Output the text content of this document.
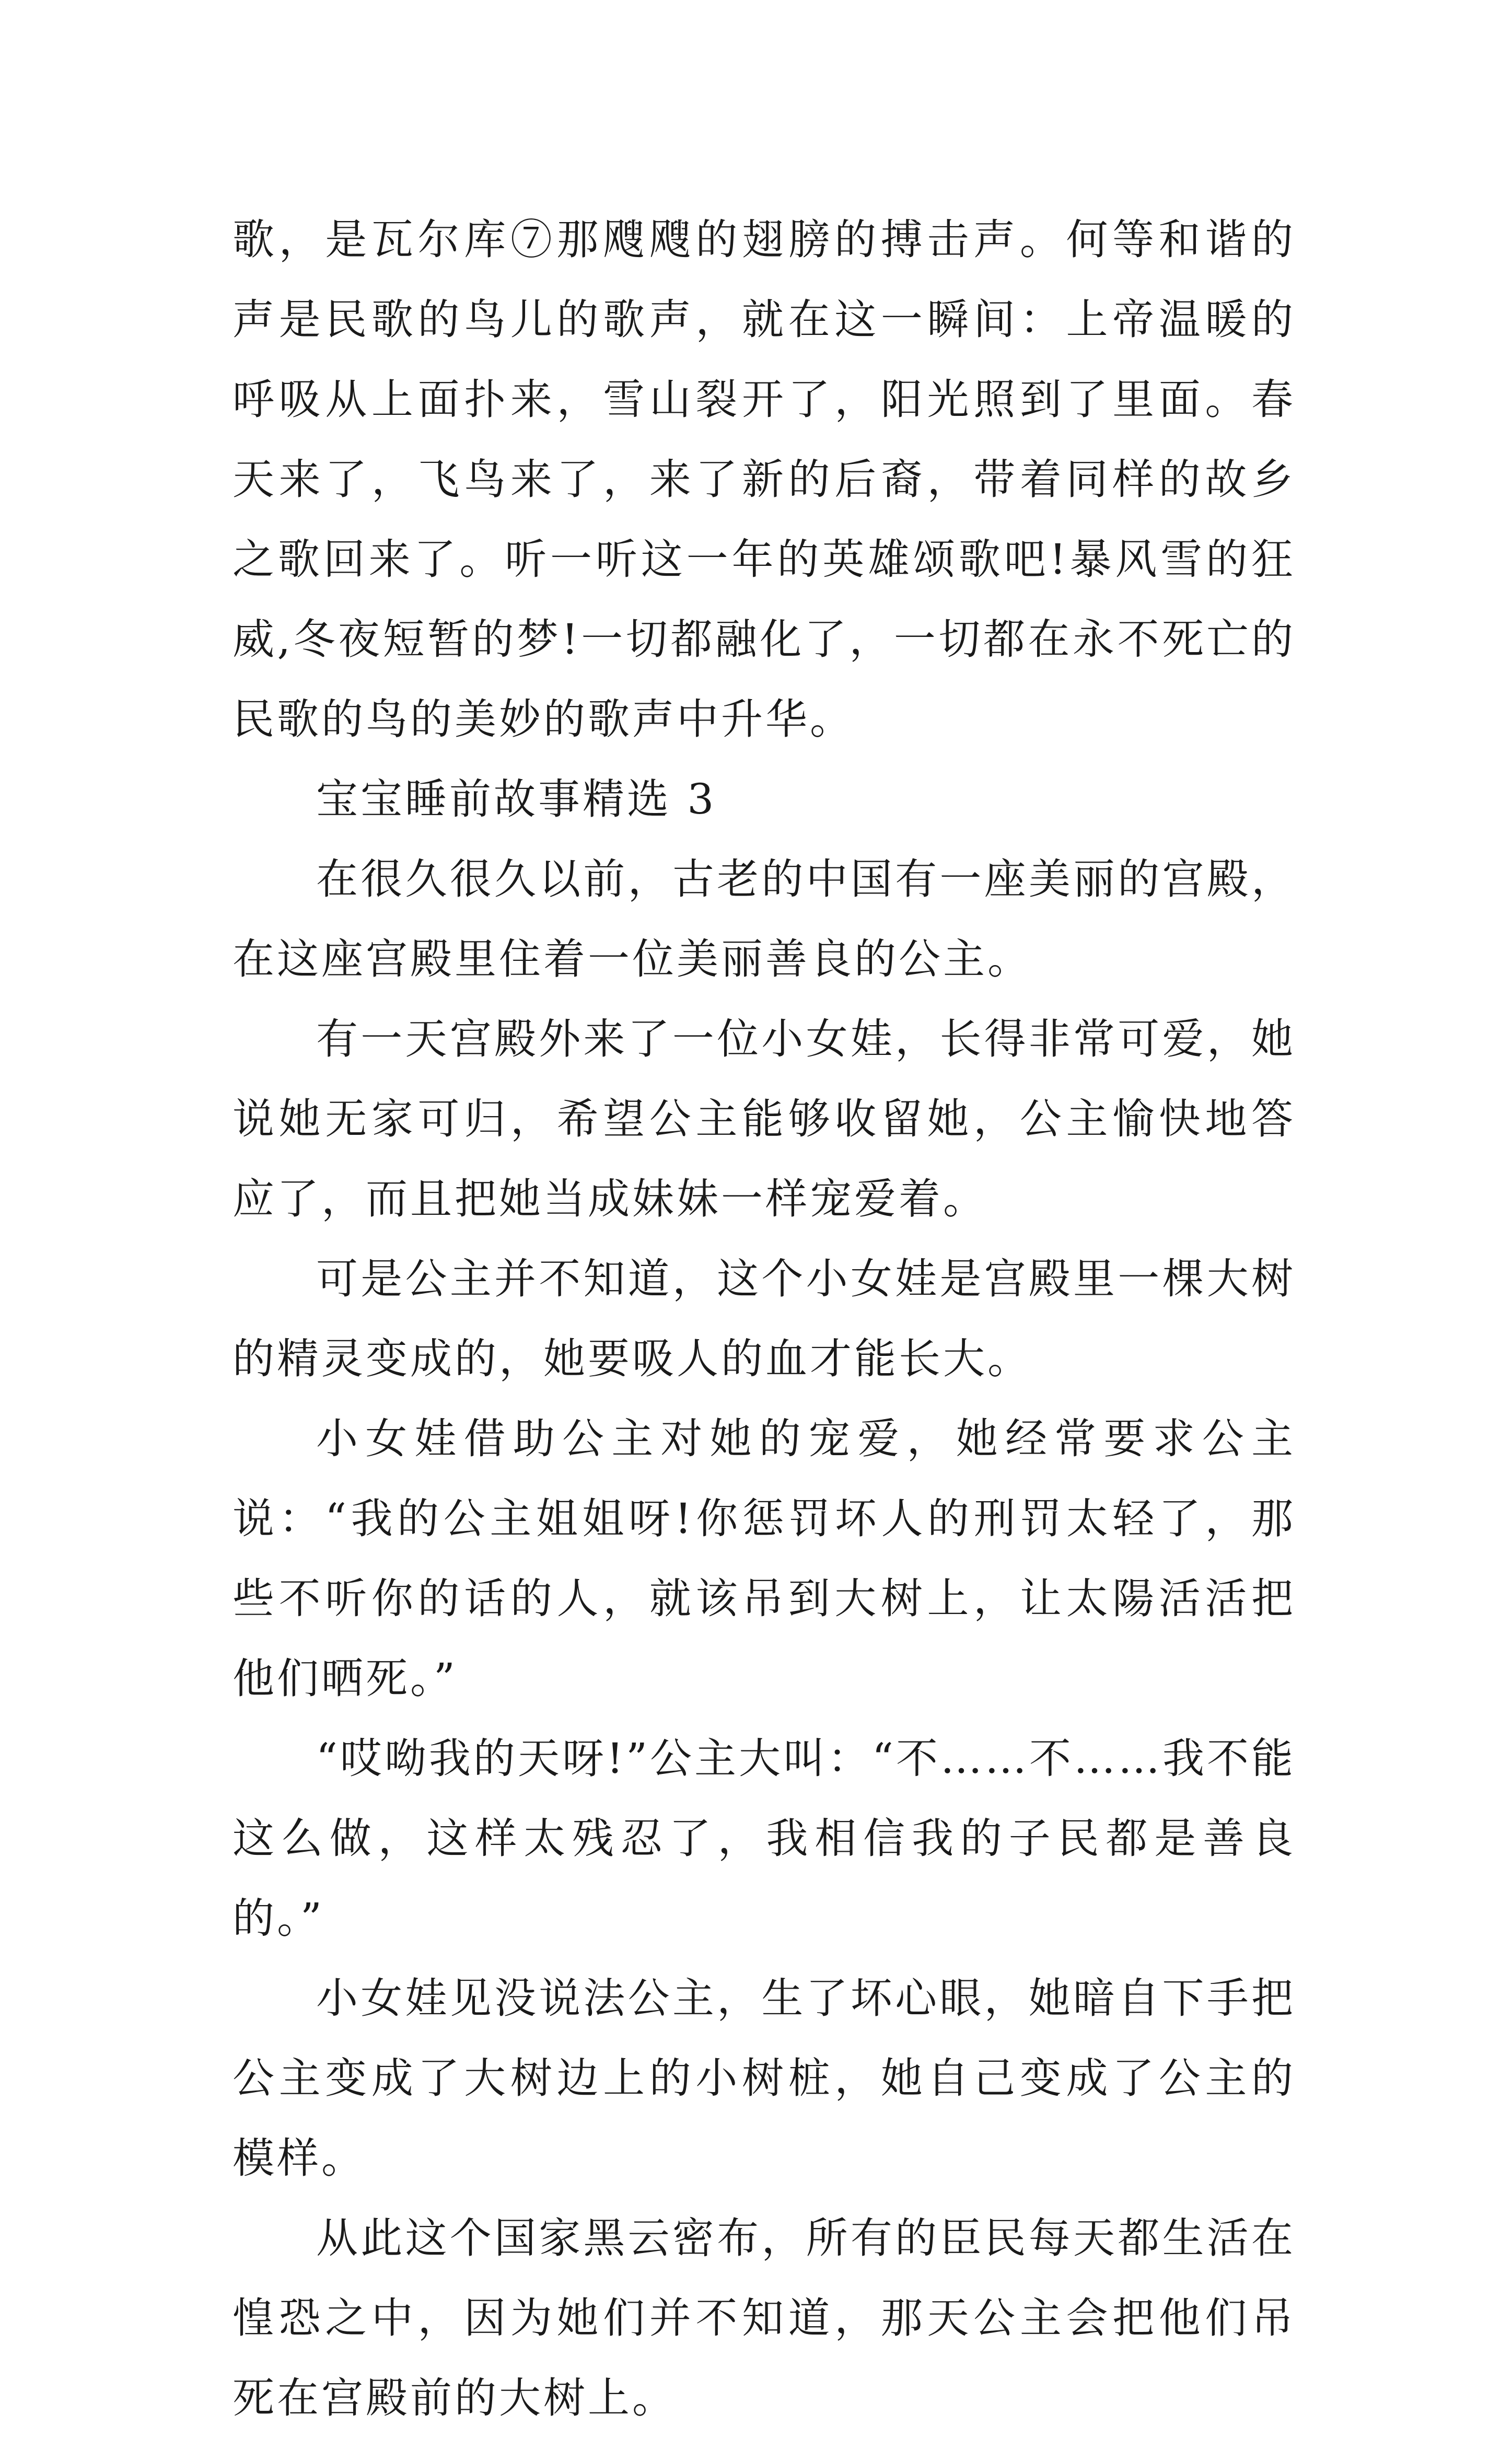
歌，是瓦尔库⑦那飕飕的翅膀的搏击声。何等和谐的声是民歌的鸟儿的歌声，就在这一瞬间：上帝温暖的呼吸从上面扑来，雪山裂开了，阳光照到了里面。春天来了，飞鸟来了，来了新的后裔，带着同样的故乡之歌回来了。听一听这一年的英雄颂歌吧!暴风雪的狂威,冬夜短暂的梦!一切都融化了，一切都在永不死亡的民歌的鸟的美妙的歌声中升华。

宝宝睡前故事精选 3

在很久很久以前，古老的中国有一座美丽的宫殿，在这座宫殿里住着一位美丽善良的公主。

有一天宫殿外来了一位小女娃，长得非常可爱，她说她无家可归，希望公主能够收留她，公主愉快地答应了，而且把她当成妹妹一样宠爱着。

可是公主并不知道，这个小女娃是宫殿里一棵大树的精灵变成的，她要吸人的血才能长大。

小女娃借助公主对她的宠爱，她经常要求公主说：“我的公主姐姐呀!你惩罚坏人的刑罚太轻了，那些不听你的话的人，就该吊到大树上，让太陽活活把他们晒死。”

“哎呦我的天呀!”公主大叫：“不……不……我不能这么做，这样太残忍了，我相信我的子民都是善良的。”

小女娃见没说法公主，生了坏心眼，她暗自下手把公主变成了大树边上的小树桩，她自己变成了公主的模样。

从此这个国家黑云密布，所有的臣民每天都生活在惶恐之中，因为她们并不知道，那天公主会把他们吊死在宫殿前的大树上。
